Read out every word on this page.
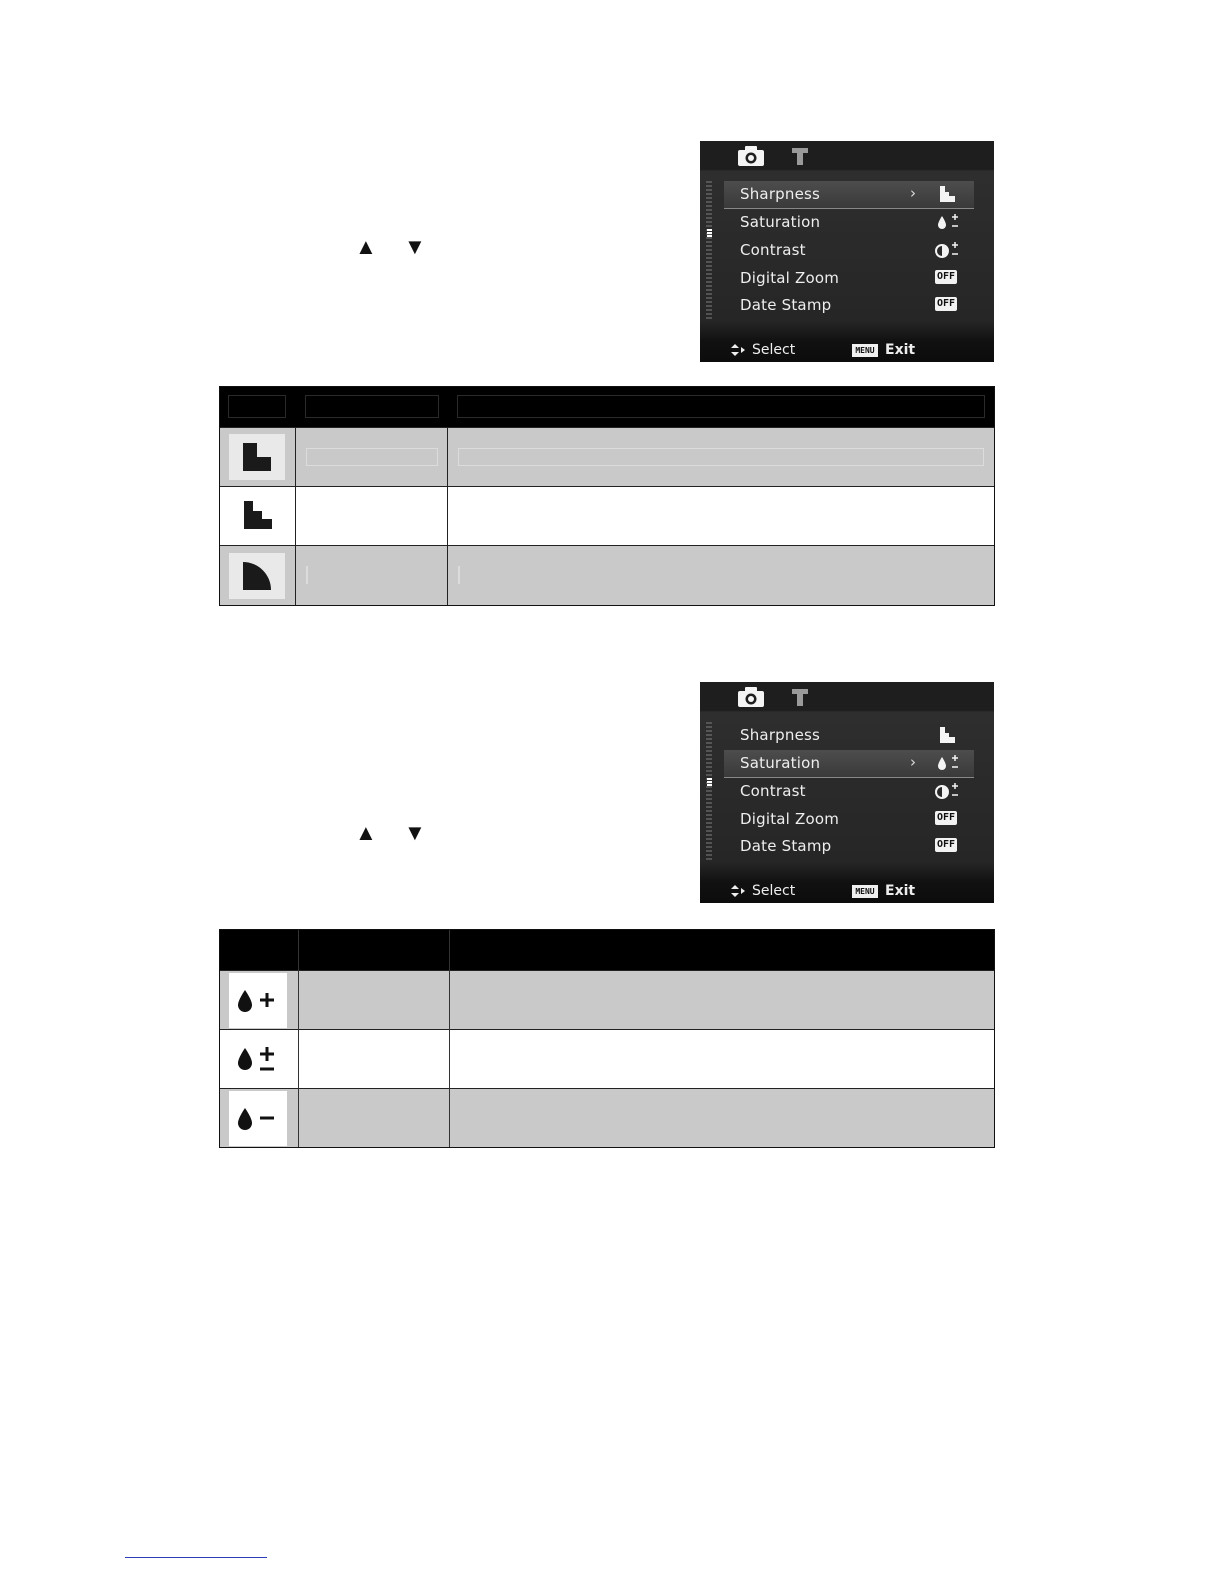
Sharpness	›
Saturation
Contrast
Digital Zoom	OFF
Date Stamp	OFF
Select	MENU Exit
▲ ▼
Sharpness
Saturation	›
Contrast
Digital Zoom	OFF
Date Stamp	OFF
Select	MENU Exit
▲ ▼
